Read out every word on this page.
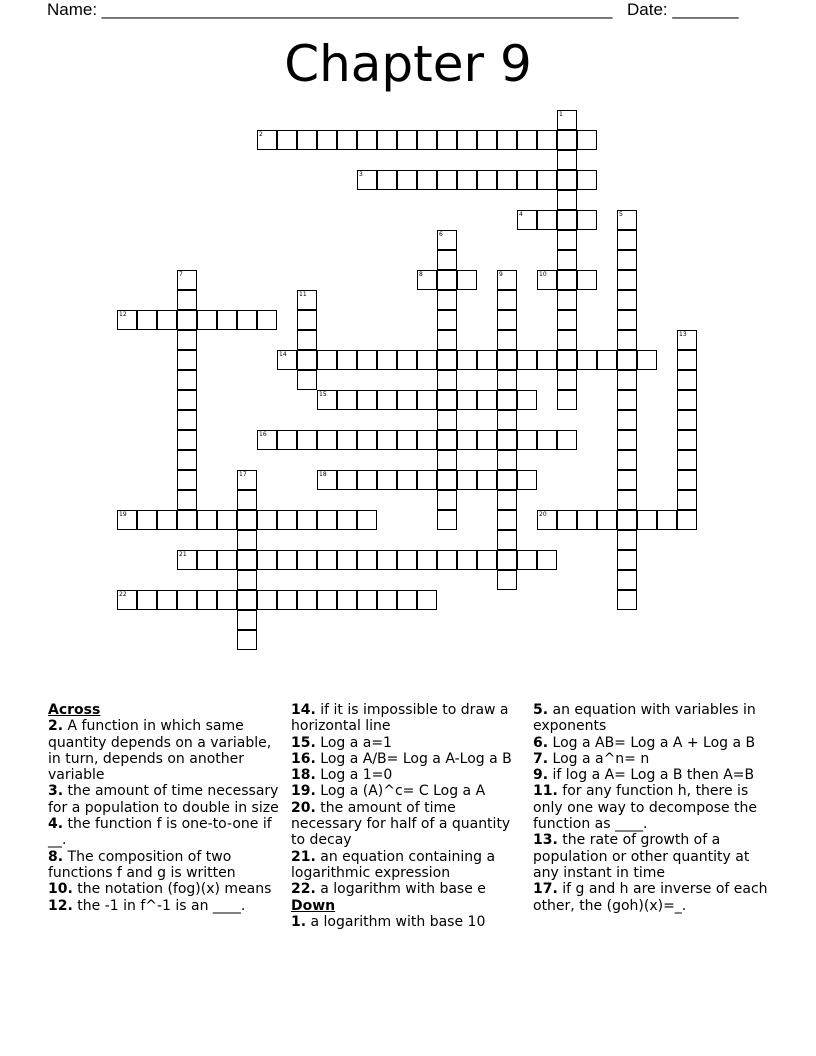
Name: ______________________________________________________ Date: _______
Chapter 9
1
2
3
4	5
6
7	8	9	10
11
12
13
14
15
16
17	18
19	20
21
22
Across
2. A function in which same quantity depends on a variable, in turn, depends on another variable
3. the amount of time necessary for a population to double in size
4. the function f is one-to-one if __.
8. The composition of two functions f and g is written
10. the notation (fog)(x) means
12. the -1 in f^-1 is an ____.
14. if it is impossible to draw a horizontal line
15. Log a a=1
16. Log a A/B= Log a A-Log a B
18. Log a 1=0
19. Log a (A)^c= C Log a A
20. the amount of time necessary for half of a quantity to decay
21. an equation containing a logarithmic expression
22. a logarithm with base e
Down
1. a logarithm with base 10
5. an equation with variables in exponents
6. Log a AB= Log a A + Log a B
7. Log a a^n= n
9. if log a A= Log a B then A=B
11. for any function h, there is only one way to decompose the function as ____.
13. the rate of growth of a population or other quantity at any instant in time
17. if g and h are inverse of each other, the (goh)(x)=_.
